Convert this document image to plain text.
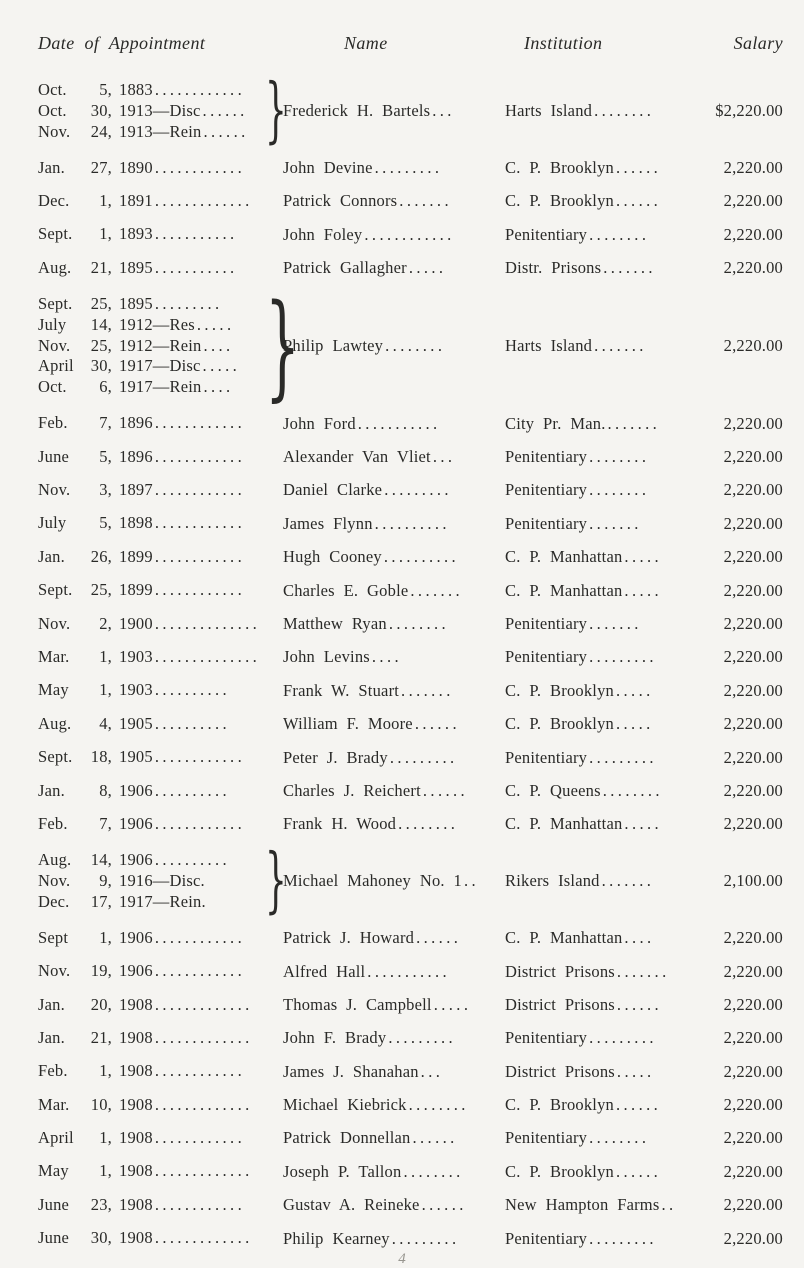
Date of Appointment	Name	Institution	Salary
Oct. 5, 1883 ............
Oct. 30, 1913—Disc ......
Nov. 24, 1913—Rein ...... }
Frederick H. Bartels ...	Harts Island ........	$2,220.00
Jan. 27, 1890 ............	John Devine .........	C. P. Brooklyn ......	2,220.00
Dec. 1, 1891 .............	Patrick Connors .......	C. P. Brooklyn ......	2,220.00
Sept. 1, 1893 ...........	John Foley ............	Penitentiary ........	2,220.00
Aug. 21, 1895 ...........	Patrick Gallagher .....	Distr. Prisons .......	2,220.00
Sept. 25, 1895 .........
July 14, 1912—Res .....
Nov. 25, 1912—Rein ....
April 30, 1917—Disc .....
Oct. 6, 1917—Rein .... }
Philip Lawtey ........	Harts Island .......	2,220.00
Feb. 7, 1896 ............	John Ford ...........	City Pr. Man. .......	2,220.00
June 5, 1896 ............	Alexander Van Vliet ...	Penitentiary ........	2,220.00
Nov. 3, 1897 ............	Daniel Clarke .........	Penitentiary ........	2,220.00
July 5, 1898 ............	James Flynn ..........	Penitentiary .......	2,220.00
Jan. 26, 1899 ............	Hugh Cooney ..........	C. P. Manhattan .....	2,220.00
Sept. 25, 1899 ............	Charles E. Goble .......	C. P. Manhattan .....	2,220.00
Nov. 2, 1900 .............. Matthew Ryan ........	Penitentiary .......	2,220.00
Mar. 1, 1903 .............. John Levins ....	Penitentiary .........	2,220.00
May 1, 1903 ..........	Frank W. Stuart .......	C. P. Brooklyn .....	2,220.00
Aug. 4, 1905 ..........	William F. Moore ......	C. P. Brooklyn .....	2,220.00
Sept. 18, 1905 ............	Peter J. Brady .........	Penitentiary .........	2,220.00
Jan. 8, 1906 ..........	Charles J. Reichert ......	C. P. Queens ........	2,220.00
Feb. 7, 1906 ............	Frank H. Wood ........	C. P. Manhattan .....	2,220.00
Aug. 14, 1906 ..........
Nov. 9, 1916—Disc.
Dec. 17, 1917—Rein. }
Michael Mahoney No. 1 ..	Rikers Island .......	2,100.00
Sept 1, 1906 ............	Patrick J. Howard ......	C. P. Manhattan ....	2,220.00
Nov. 19, 1906 ............	Alfred Hall ...........	District Prisons .......	2,220.00
Jan. 20, 1908 .............	Thomas J. Campbell .....	District Prisons ......	2,220.00
Jan. 21, 1908 .............	John F. Brady .........	Penitentiary .........	2,220.00
Feb. 1, 1908 ............	James J. Shanahan ...	District Prisons .....	2,220.00
Mar. 10, 1908 .............	Michael Kiebrick ........	C. P. Brooklyn ......	2,220.00
April 1, 1908 ............	Patrick Donnellan ......	Penitentiary ........	2,220.00
May 1, 1908 .............	Joseph P. Tallon ........	C. P. Brooklyn ......	2,220.00
June 23, 1908 ............	Gustav A. Reineke ......	New Hampton Farms ..	2,220.00
June 30, 1908 .............	Philip Kearney .........	Penitentiary .........	2,220.00
4
